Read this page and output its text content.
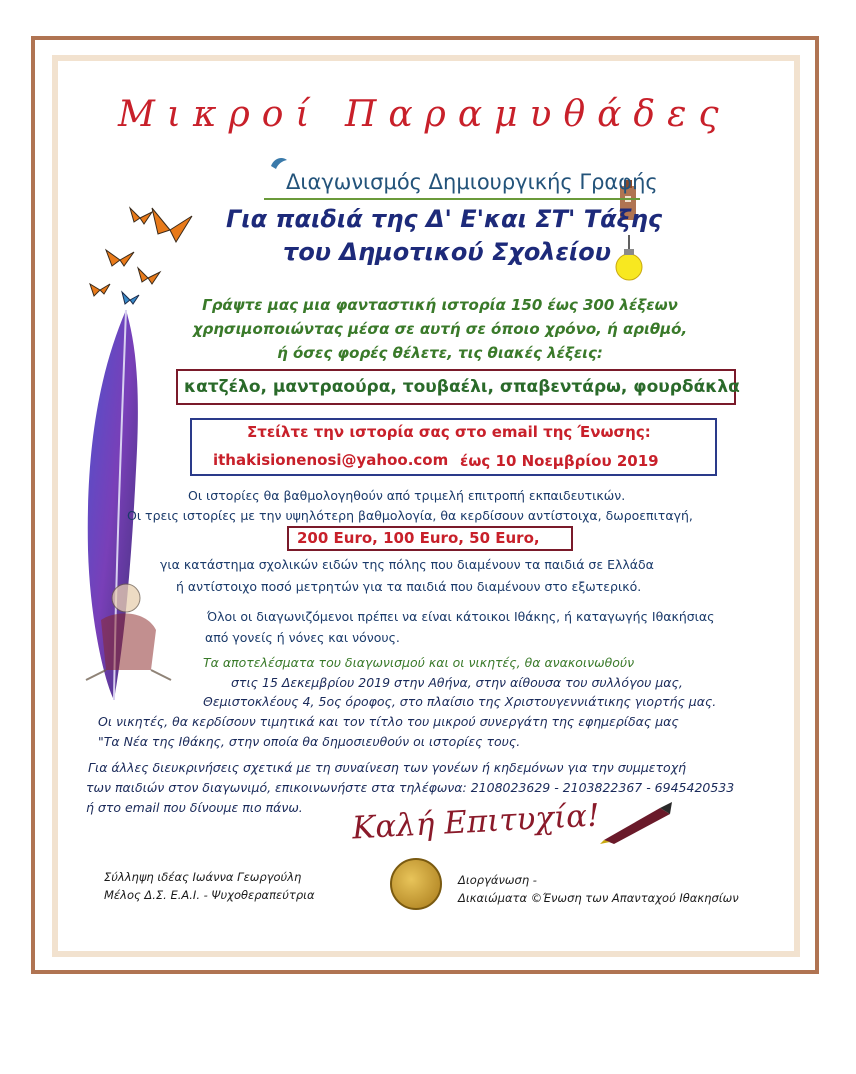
Μικροί Παραμυθάδες
Διαγωνισμός Δημιουργικής Γραφής
Για παιδιά της Δ' Ε'και ΣΤ' Τάξης
του Δημοτικού Σχολείου
Γράψτε μας μια φανταστική ιστορία 150 έως 300 λέξεων
χρησιμοποιώντας μέσα σε αυτή σε όποιο χρόνο, ή αριθμό,
ή όσες φορές θέλετε, τις θιακές λέξεις:
κατζέλο, μαντραούρα, τουβαέλι, σπαβεντάρω, φουρδάκλα
Στείλτε την ιστορία σας στο email της Ένωσης:
ithakisionenosi@yahoo.com έως 10 Νοεμβρίου 2019
Οι ιστορίες θα βαθμολογηθούν από τριμελή επιτροπή εκπαιδευτικών.
Οι τρεις ιστορίες με την υψηλότερη βαθμολογία, θα κερδίσουν αντίστοιχα, δωροεπιταγή,
200 Euro, 100 Euro, 50 Euro,
για κατάστημα σχολικών ειδών της πόλης που διαμένουν τα παιδιά σε Ελλάδα
ή αντίστοιχο ποσό μετρητών για τα παιδιά που διαμένουν στο εξωτερικό.
Όλοι οι διαγωνιζόμενοι πρέπει να είναι κάτοικοι Ιθάκης, ή καταγωγής Ιθακήσιας
από γονείς ή νόνες και νόνους.
Τα αποτελέσματα του διαγωνισμού και οι νικητές, θα ανακοινωθούν
στις 15 Δεκεμβρίου 2019 στην Αθήνα, στην αίθουσα του συλλόγου μας,
Θεμιστοκλέους 4, 5ος όροφος, στο πλαίσιο της Χριστουγεννιάτικης γιορτής μας.
Οι νικητές, θα κερδίσουν τιμητικά και τον τίτλο του μικρού συνεργάτη της εφημερίδας μας
"Τα Νέα της Ιθάκης, στην οποία θα δημοσιευθούν οι ιστορίες τους.
Για άλλες διευκρινήσεις σχετικά με τη συναίνεση των γονέων ή κηδεμόνων για την συμμετοχή
των παιδιών στον διαγωνιμό, επικοινωνήστε στα τηλέφωνα: 2108023629 - 2103822367 - 6945420533
ή στο email που δίνουμε πιο πάνω. Καλή Επιτυχία!
Σύλληψη ιδέας Ιωάννα Γεωργούλη
Μέλος Δ.Σ. Ε.Α.Ι. - Ψυχοθεραπεύτρια
Διοργάνωση -
Δικαιώματα ©Ένωση των Απανταχού Ιθακησίων
